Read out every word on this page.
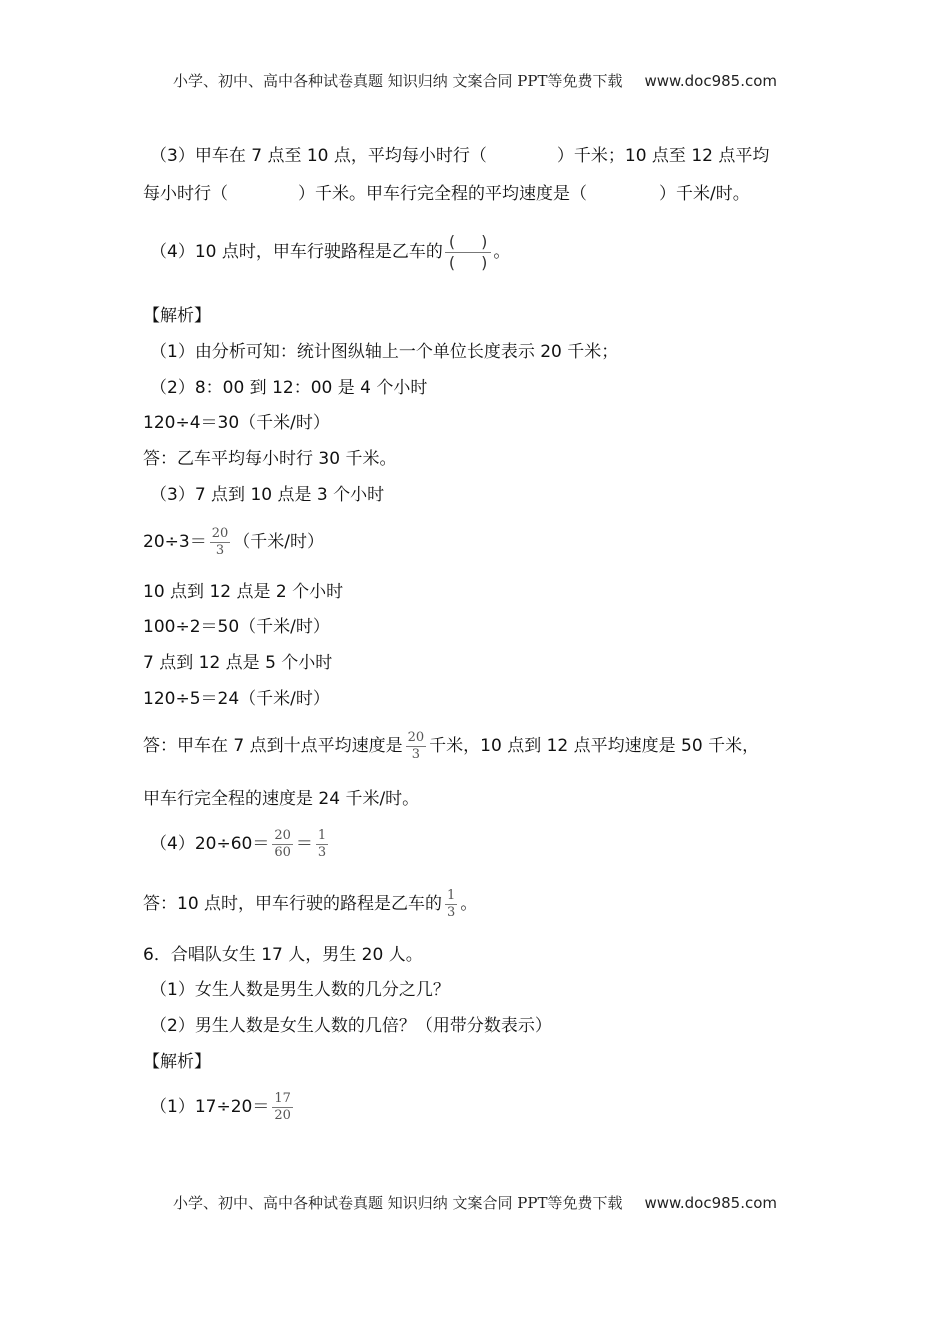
小学、初中、高中各种试卷真题 知识归纳 文案合同 PPT等免费下载 www.doc985.com
（3）甲车在 7 点至 10 点，平均每小时行（	）千米；10 点至 12 点平均
每小时行（	）千米。甲车行完全程的平均速度是（	）千米/时。
（4）10 点时，甲车行驶路程是乙车的 $\frac{( )}{( )}$ 。
【解析】
（1）由分析可知：统计图纵轴上一个单位长度表示 20 千米；
（2）8：00 到 12：00 是 4 个小时
120÷4＝30（千米/时）
答：乙车平均每小时行 30 千米。
（3）7 点到 10 点是 3 个小时
$20\div 3= \frac{20}{3}$ （千米/时）
10 点到 12 点是 2 个小时
100÷2＝50（千米/时）
7 点到 12 点是 5 个小时
120÷5＝24（千米/时）
答：甲车在 7 点到十点平均速度是 $\frac{20}{3}$ 千米，10 点到 12 点平均速度是 50 千米，
甲车行完全程的速度是 24 千米/时。
$(4)20\div 60= \frac{20}{60} = \frac{1}{3}$
答：10 点时，甲车行驶的路程是乙车的 $\frac{1}{3}$ 。
6．合唱队女生 17 人，男生 20 人。
（1）女生人数是男生人数的几分之几？
（2）男生人数是女生人数的几倍？（用带分数表示）
【解析】
$(1)17\div 20= \frac{17}{20}$
小学、初中、高中各种试卷真题 知识归纳 文案合同 PPT等免费下载 www.doc985.com
